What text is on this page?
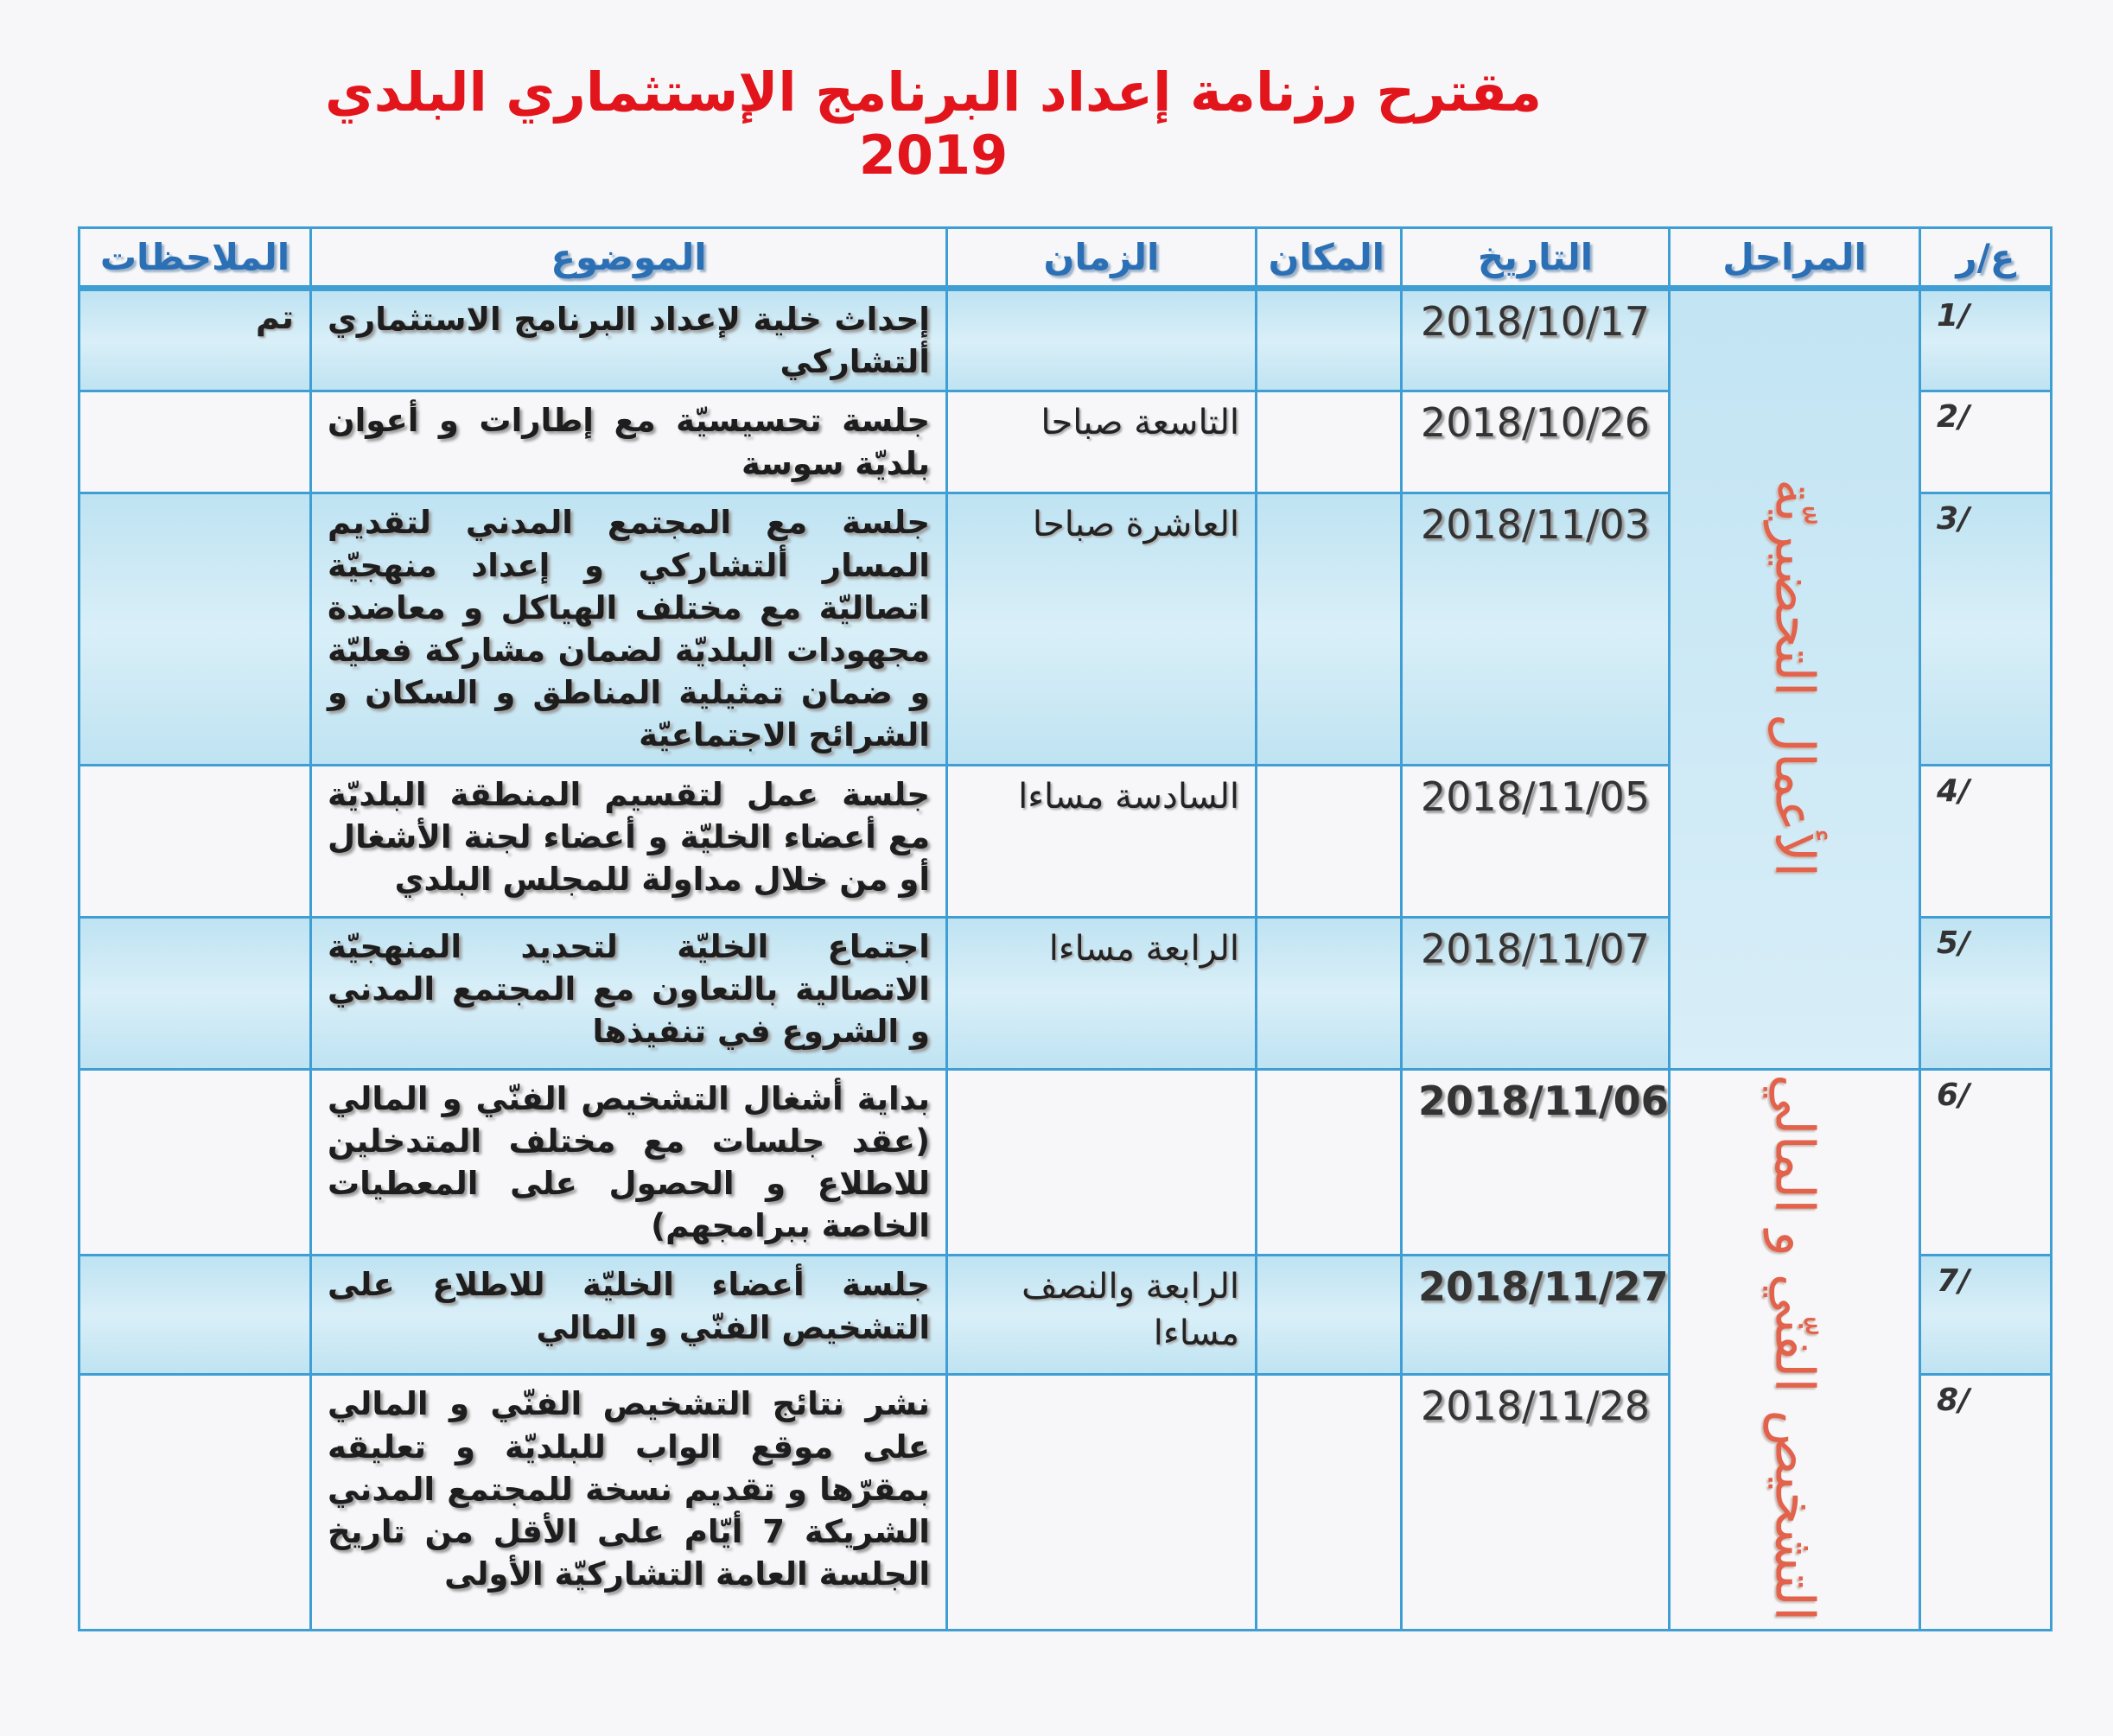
مقترح رزنامة إعداد البرنامج الإستثماري البلدي 2019
ع/ر	المراحل	التاريخ	المكان	الزمان	الموضوع	الملاحظات
/1	الأعمال التحضيريّة	2018/10/17			إحداث خلية لإعداد البرنامج الاستثماري ألتشاركي	تم
/2		2018/10/26		التاسعة صباحا	جلسة تحسيسيّة مع إطارات و أعوان بلديّة سوسة	
/3		2018/11/03		العاشرة صباحا	جلسة مع المجتمع المدني لتقديم المسار ألتشاركي و إعداد منهجيّة اتصاليّة مع مختلف الهياكل و معاضدة مجهودات البلديّة لضمان مشاركة فعليّة و ضمان تمثيلية المناطق و السكان و الشرائح الاجتماعيّة	
/4		2018/11/05		السادسة مساءا	جلسة عمل لتقسيم المنطقة البلديّة مع أعضاء الخليّة و أعضاء لجنة الأشغال أو من خلال مداولة للمجلس البلدي	
/5		2018/11/07		الرابعة مساءا	اجتماع الخليّة لتحديد المنهجيّة الاتصالية بالتعاون مع المجتمع المدني و الشروع في تنفيذها	
/6	التشخيص الفنّي و المالي	2018/11/06			بداية أشغال التشخيص الفنّي و المالي (عقد جلسات مع مختلف المتدخلين للاطلاع و الحصول على المعطيات الخاصة ببرامجهم)	
/7		2018/11/27		الرابعة والنصف مساءا	جلسة أعضاء الخليّة للاطلاع على التشخيص الفنّي و المالي	
/8		2018/11/28			نشر نتائج التشخيص الفنّي و المالي على موقع الواب للبلديّة و تعليقه بمقرّها و تقديم نسخة للمجتمع المدني الشريكة 7 أيّام على الأقل من تاريخ الجلسة العامة التشاركيّة الأولى	
